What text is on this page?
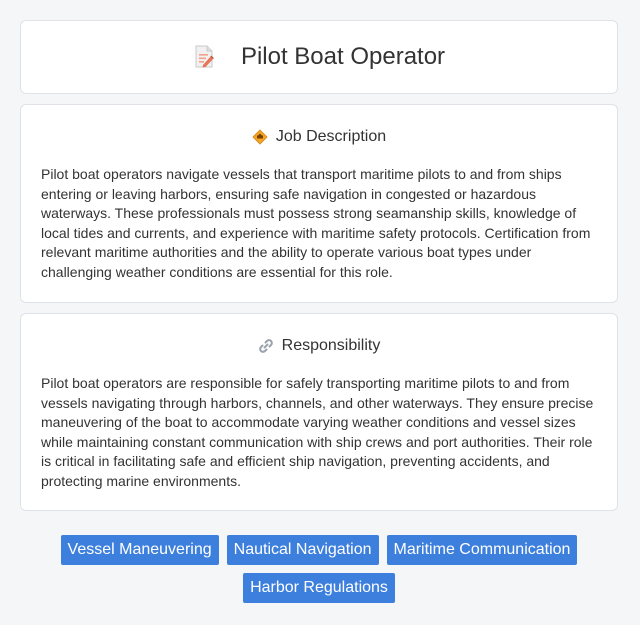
Pilot Boat Operator
Job Description

Pilot boat operators navigate vessels that transport maritime pilots to and from ships entering or leaving harbors, ensuring safe navigation in congested or hazardous waterways. These professionals must possess strong seamanship skills, knowledge of local tides and currents, and experience with maritime safety protocols. Certification from relevant maritime authorities and the ability to operate various boat types under challenging weather conditions are essential for this role.

Responsibility

Pilot boat operators are responsible for safely transporting maritime pilots to and from vessels navigating through harbors, channels, and other waterways. They ensure precise maneuvering of the boat to accommodate varying weather conditions and vessel sizes while maintaining constant communication with ship crews and port authorities. Their role is critical in facilitating safe and efficient ship navigation, preventing accidents, and protecting marine environments.

Vessel Maneuvering	Nautical Navigation	Maritime Communication
Harbor Regulations
